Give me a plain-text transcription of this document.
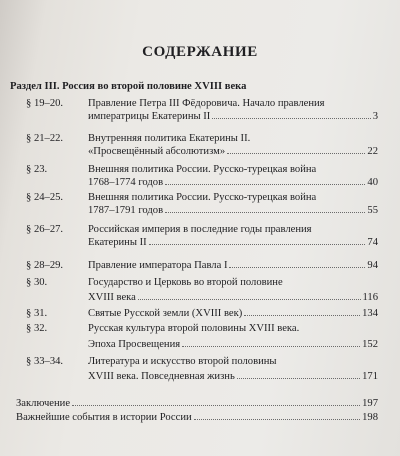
СОДЕРЖАНИЕ
Раздел III. Россия во второй половине XVIII века
§ 19–20. Правление Петра III Фёдоровича. Начало правления
императрицы Екатерины II	3
§ 21–22. Внутренняя политика Екатерины II.
«Просвещённый абсолютизм»	22
§ 23.	Внешняя политика России. Русско-турецкая война
1768–1774 годов	40
§ 24–25. Внешняя политика России. Русско-турецкая война
1787–1791 годов	55
§ 26–27. Российская империя в последние годы правления
Екатерины II	74
§ 28–29. Правление императора Павла I	94
§ 30.	Государство и Церковь во второй половине
XVIII века	116
§ 31.	Святые Русской земли (XVIII век)	134
§ 32.	Русская культура второй половины XVIII века.
Эпоха Просвещения	152
§ 33–34. Литература и искусство второй половины
XVIII века. Повседневная жизнь	171
Заключение	197
Важнейшие события в истории России	198
